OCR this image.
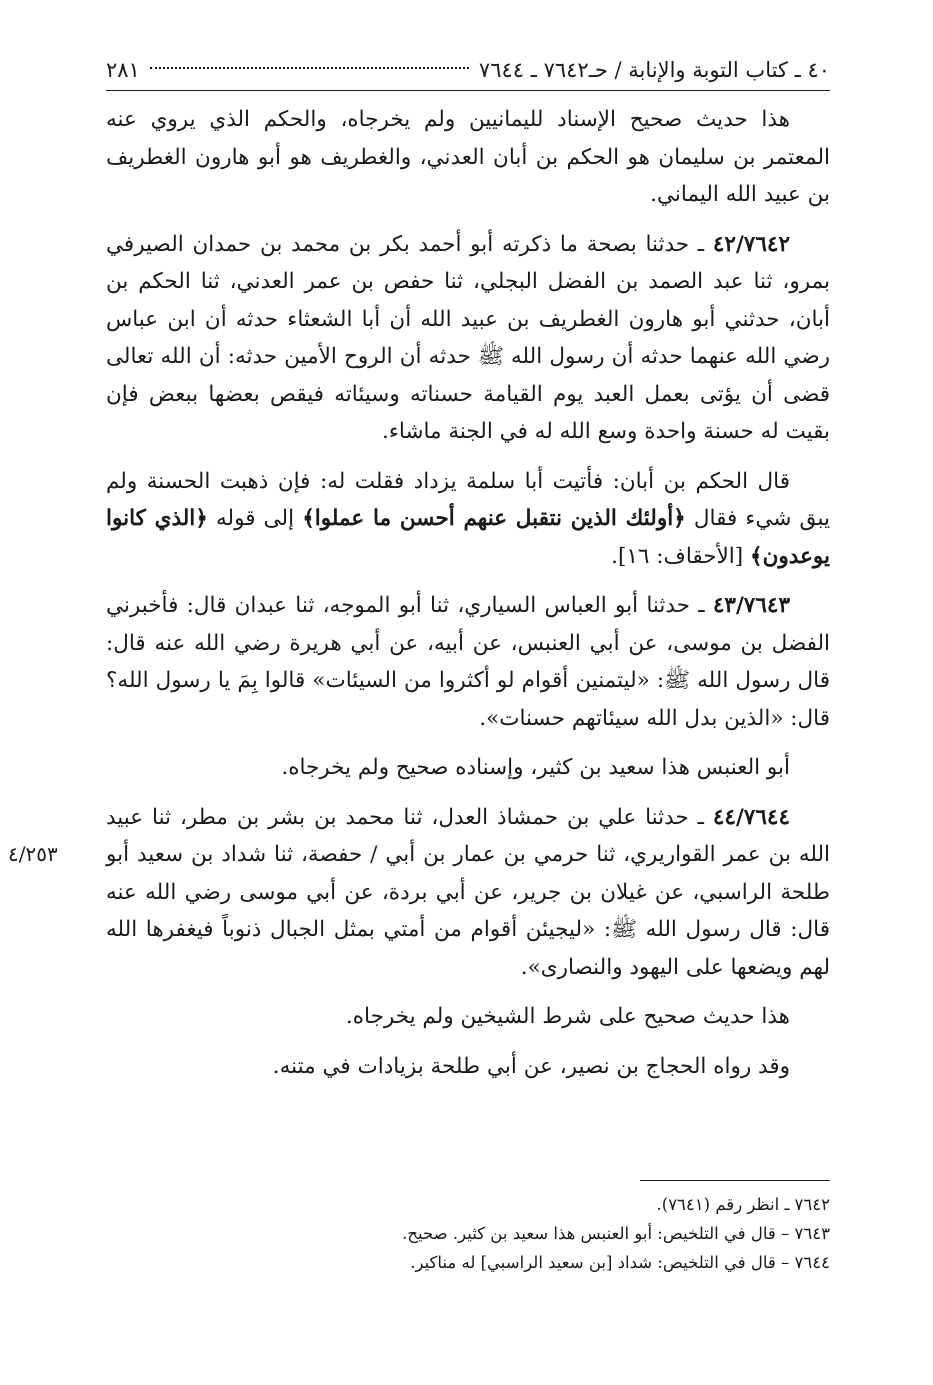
٤٠ ـ كتاب التوبة والإنابة / حـ٧٦٤٢ ـ ٧٦٤٤
٢٨١

هذا حديث صحيح الإسناد لليمانيين ولم يخرجاه، والحكم الذي يروي عنه المعتمر بن سليمان هو الحكم بن أبان العدني، والغطريف هو أبو هارون الغطريف بن عبيد الله اليماني.

٤٢/٧٦٤٢ ـ حدثنا بصحة ما ذكرته أبو أحمد بكر بن محمد بن حمدان الصيرفي بمرو، ثنا عبد الصمد بن الفضل البجلي، ثنا حفص بن عمر العدني، ثنا الحكم بن أبان، حدثني أبو هارون الغطريف بن عبيد الله أن أبا الشعثاء حدثه أن ابن عباس رضي الله عنهما حدثه أن رسول الله ﷺ حدثه أن الروح الأمين حدثه: أن الله تعالى قضى أن يؤتى بعمل العبد يوم القيامة حسناته وسيئاته فيقص بعضها ببعض فإن بقيت له حسنة واحدة وسع الله له في الجنة ماشاء.

قال الحكم بن أبان: فأتيت أبا سلمة يزداد فقلت له: فإن ذهبت الحسنة ولم يبق شيء فقال ﴿أولئك الذين نتقبل عنهم أحسن ما عملوا﴾ إلى قوله ﴿الذي كانوا يوعدون﴾ [الأحقاف: ١٦].

٤٣/٧٦٤٣ ـ حدثنا أبو العباس السياري، ثنا أبو الموجه، ثنا عبدان قال: فأخبرني الفضل بن موسى، عن أبي العنبس، عن أبيه، عن أبي هريرة رضي الله عنه قال: قال رسول الله ﷺ: «ليتمنين أقوام لو أكثروا من السيئات» قالوا بِمَ يا رسول الله؟ قال: «الذين بدل الله سيئاتهم حسنات».

أبو العنبس هذا سعيد بن كثير، وإسناده صحيح ولم يخرجاه.

٤٤/٧٦٤٤ ـ حدثنا علي بن حمشاذ العدل، ثنا محمد بن بشر بن مطر، ثنا عبيد الله بن عمر القواريري، ثنا حرمي بن عمار بن أبي / حفصة، ثنا شداد بن سعيد أبو طلحة الراسبي، عن غيلان بن جرير، عن أبي بردة، عن أبي موسى رضي الله عنه قال: قال رسول الله ﷺ: «ليجيئن أقوام من أمتي بمثل الجبال ذنوباً فيغفرها الله لهم ويضعها على اليهود والنصارى».
٤/٢٥٣

هذا حديث صحيح على شرط الشيخين ولم يخرجاه.

وقد رواه الحجاج بن نصير، عن أبي طلحة بزيادات في متنه.

٧٦٤٢ ـ انظر رقم (٧٦٤١).

٧٦٤٣ – قال في التلخيص: أبو العنبس هذا سعيد بن كثير. صحيح.

٧٦٤٤ – قال في التلخيص: شداد [بن سعيد الراسبي] له مناكير.
